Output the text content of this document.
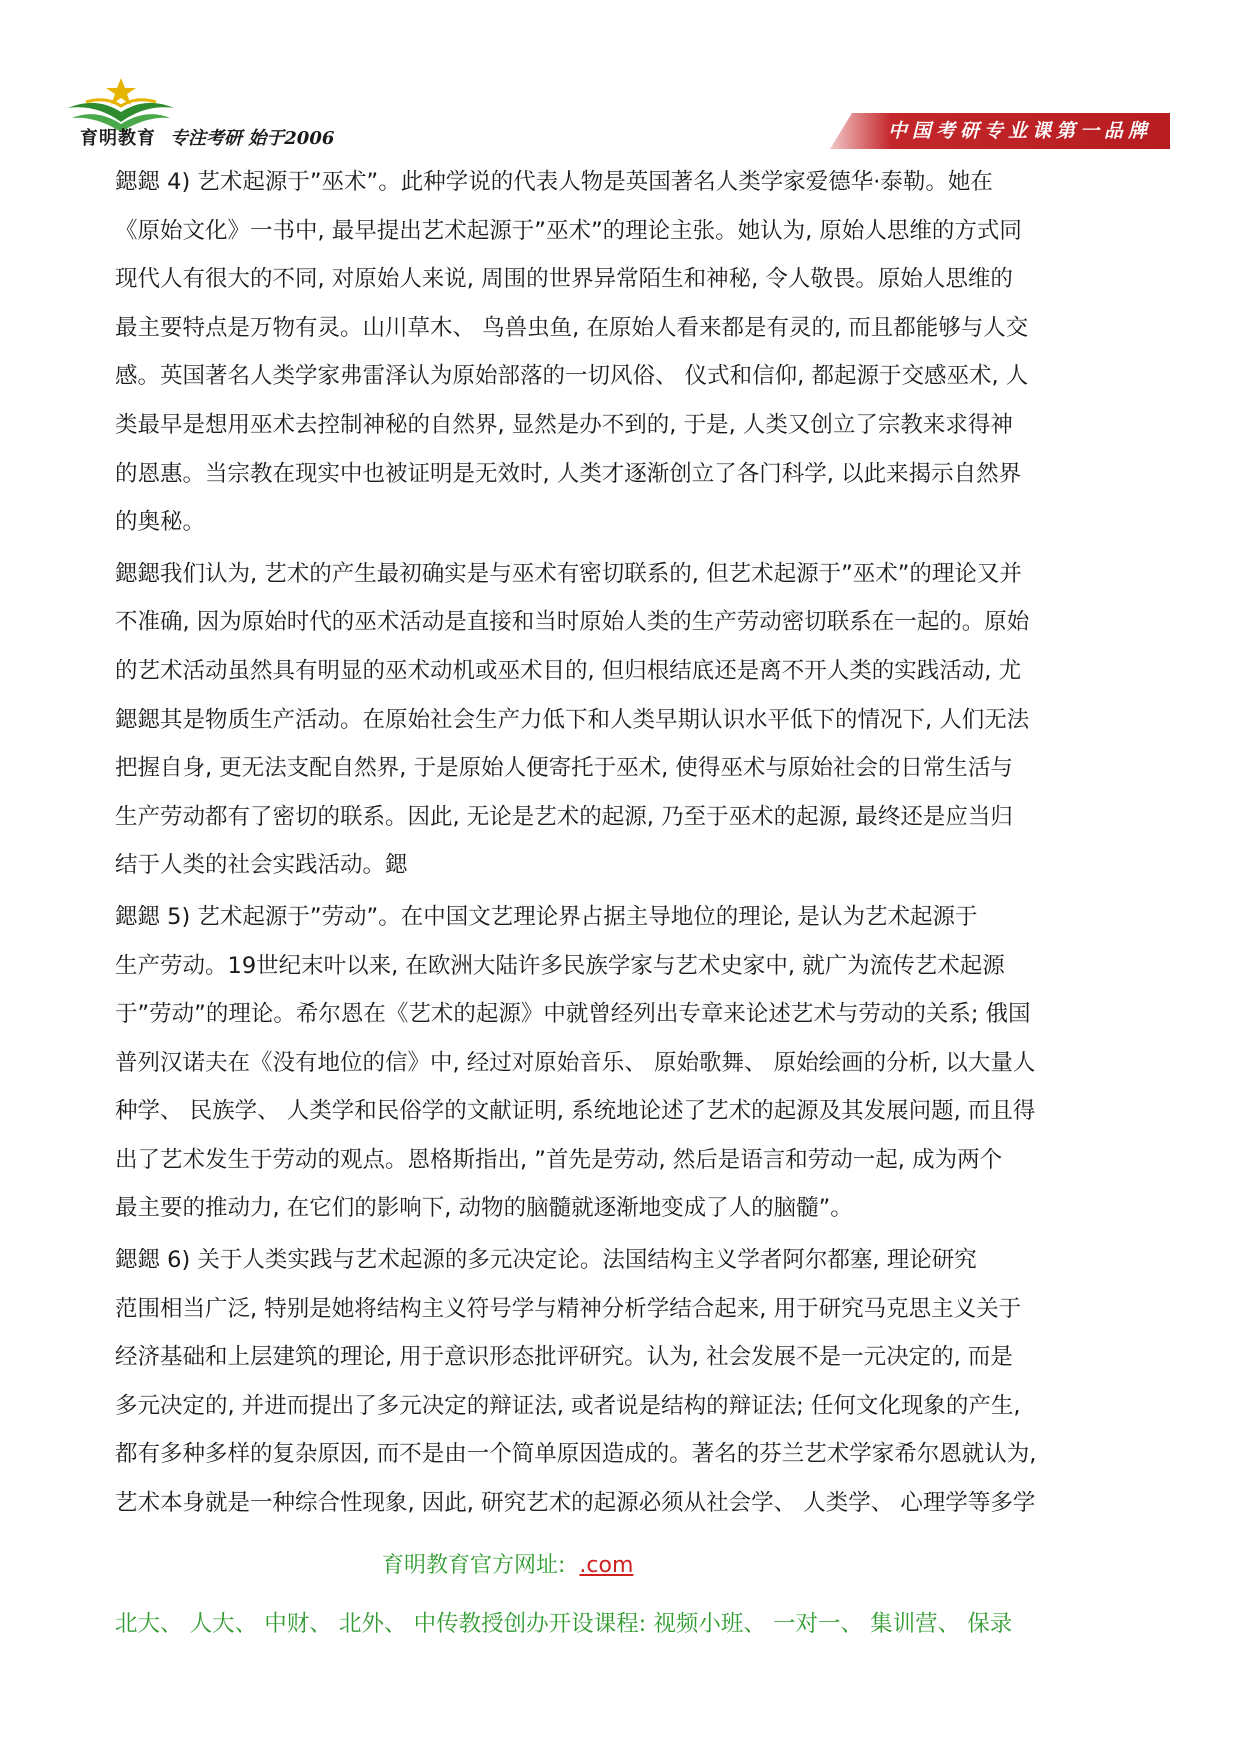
育明教育 专注考研 始于2006	中国考研专业课第一品牌
鍶鍶 4) 艺术起源于”巫术”。此种学说的代表人物是英国著名人类学家爱德华·泰勒。她在
《原始文化》一书中, 最早提出艺术起源于”巫术”的理论主张。她认为, 原始人思维的方式同
现代人有很大的不同, 对原始人来说, 周围的世界异常陌生和神秘, 令人敬畏。原始人思维的
最主要特点是万物有灵。山川草木、 鸟兽虫鱼, 在原始人看来都是有灵的, 而且都能够与人交
感。英国著名人类学家弗雷泽认为原始部落的一切风俗、 仪式和信仰, 都起源于交感巫术, 人
类最早是想用巫术去控制神秘的自然界, 显然是办不到的, 于是, 人类又创立了宗教来求得神
的恩惠。当宗教在现实中也被证明是无效时, 人类才逐渐创立了各门科学, 以此来揭示自然界
的奥秘。
鍶鍶我们认为, 艺术的产生最初确实是与巫术有密切联系的, 但艺术起源于”巫术”的理论又并
不准确, 因为原始时代的巫术活动是直接和当时原始人类的生产劳动密切联系在一起的。原始
的艺术活动虽然具有明显的巫术动机或巫术目的, 但归根结底还是离不开人类的实践活动, 尤
鍶鍶其是物质生产活动。在原始社会生产力低下和人类早期认识水平低下的情况下, 人们无法
把握自身, 更无法支配自然界, 于是原始人便寄托于巫术, 使得巫术与原始社会的日常生活与
生产劳动都有了密切的联系。因此, 无论是艺术的起源, 乃至于巫术的起源, 最终还是应当归
结于人类的社会实践活动。鍶
鍶鍶 5) 艺术起源于”劳动”。在中国文艺理论界占据主导地位的理论, 是认为艺术起源于
生产劳动。19世纪末叶以来, 在欧洲大陆许多民族学家与艺术史家中, 就广为流传艺术起源
于”劳动”的理论。希尔恩在《艺术的起源》中就曾经列出专章来论述艺术与劳动的关系; 俄国
普列汉诺夫在《没有地位的信》中, 经过对原始音乐、 原始歌舞、 原始绘画的分析, 以大量人
种学、 民族学、 人类学和民俗学的文献证明, 系统地论述了艺术的起源及其发展问题, 而且得
出了艺术发生于劳动的观点。恩格斯指出, ”首先是劳动, 然后是语言和劳动一起, 成为两个
最主要的推动力, 在它们的影响下, 动物的脑髓就逐渐地变成了人的脑髓”。
鍶鍶 6) 关于人类实践与艺术起源的多元决定论。法国结构主义学者阿尔都塞, 理论研究
范围相当广泛, 特别是她将结构主义符号学与精神分析学结合起来, 用于研究马克思主义关于
经济基础和上层建筑的理论, 用于意识形态批评研究。认为, 社会发展不是一元决定的, 而是
多元决定的, 并进而提出了多元决定的辩证法, 或者说是结构的辩证法; 任何文化现象的产生,
都有多种多样的复杂原因, 而不是由一个简单原因造成的。著名的芬兰艺术学家希尔恩就认为,
艺术本身就是一种综合性现象, 因此, 研究艺术的起源必须从社会学、 人类学、 心理学等多学
育明教育官方网址: .com
北大、 人大、 中财、 北外、 中传教授创办开设课程: 视频小班、 一对一、 集训营、 保录
